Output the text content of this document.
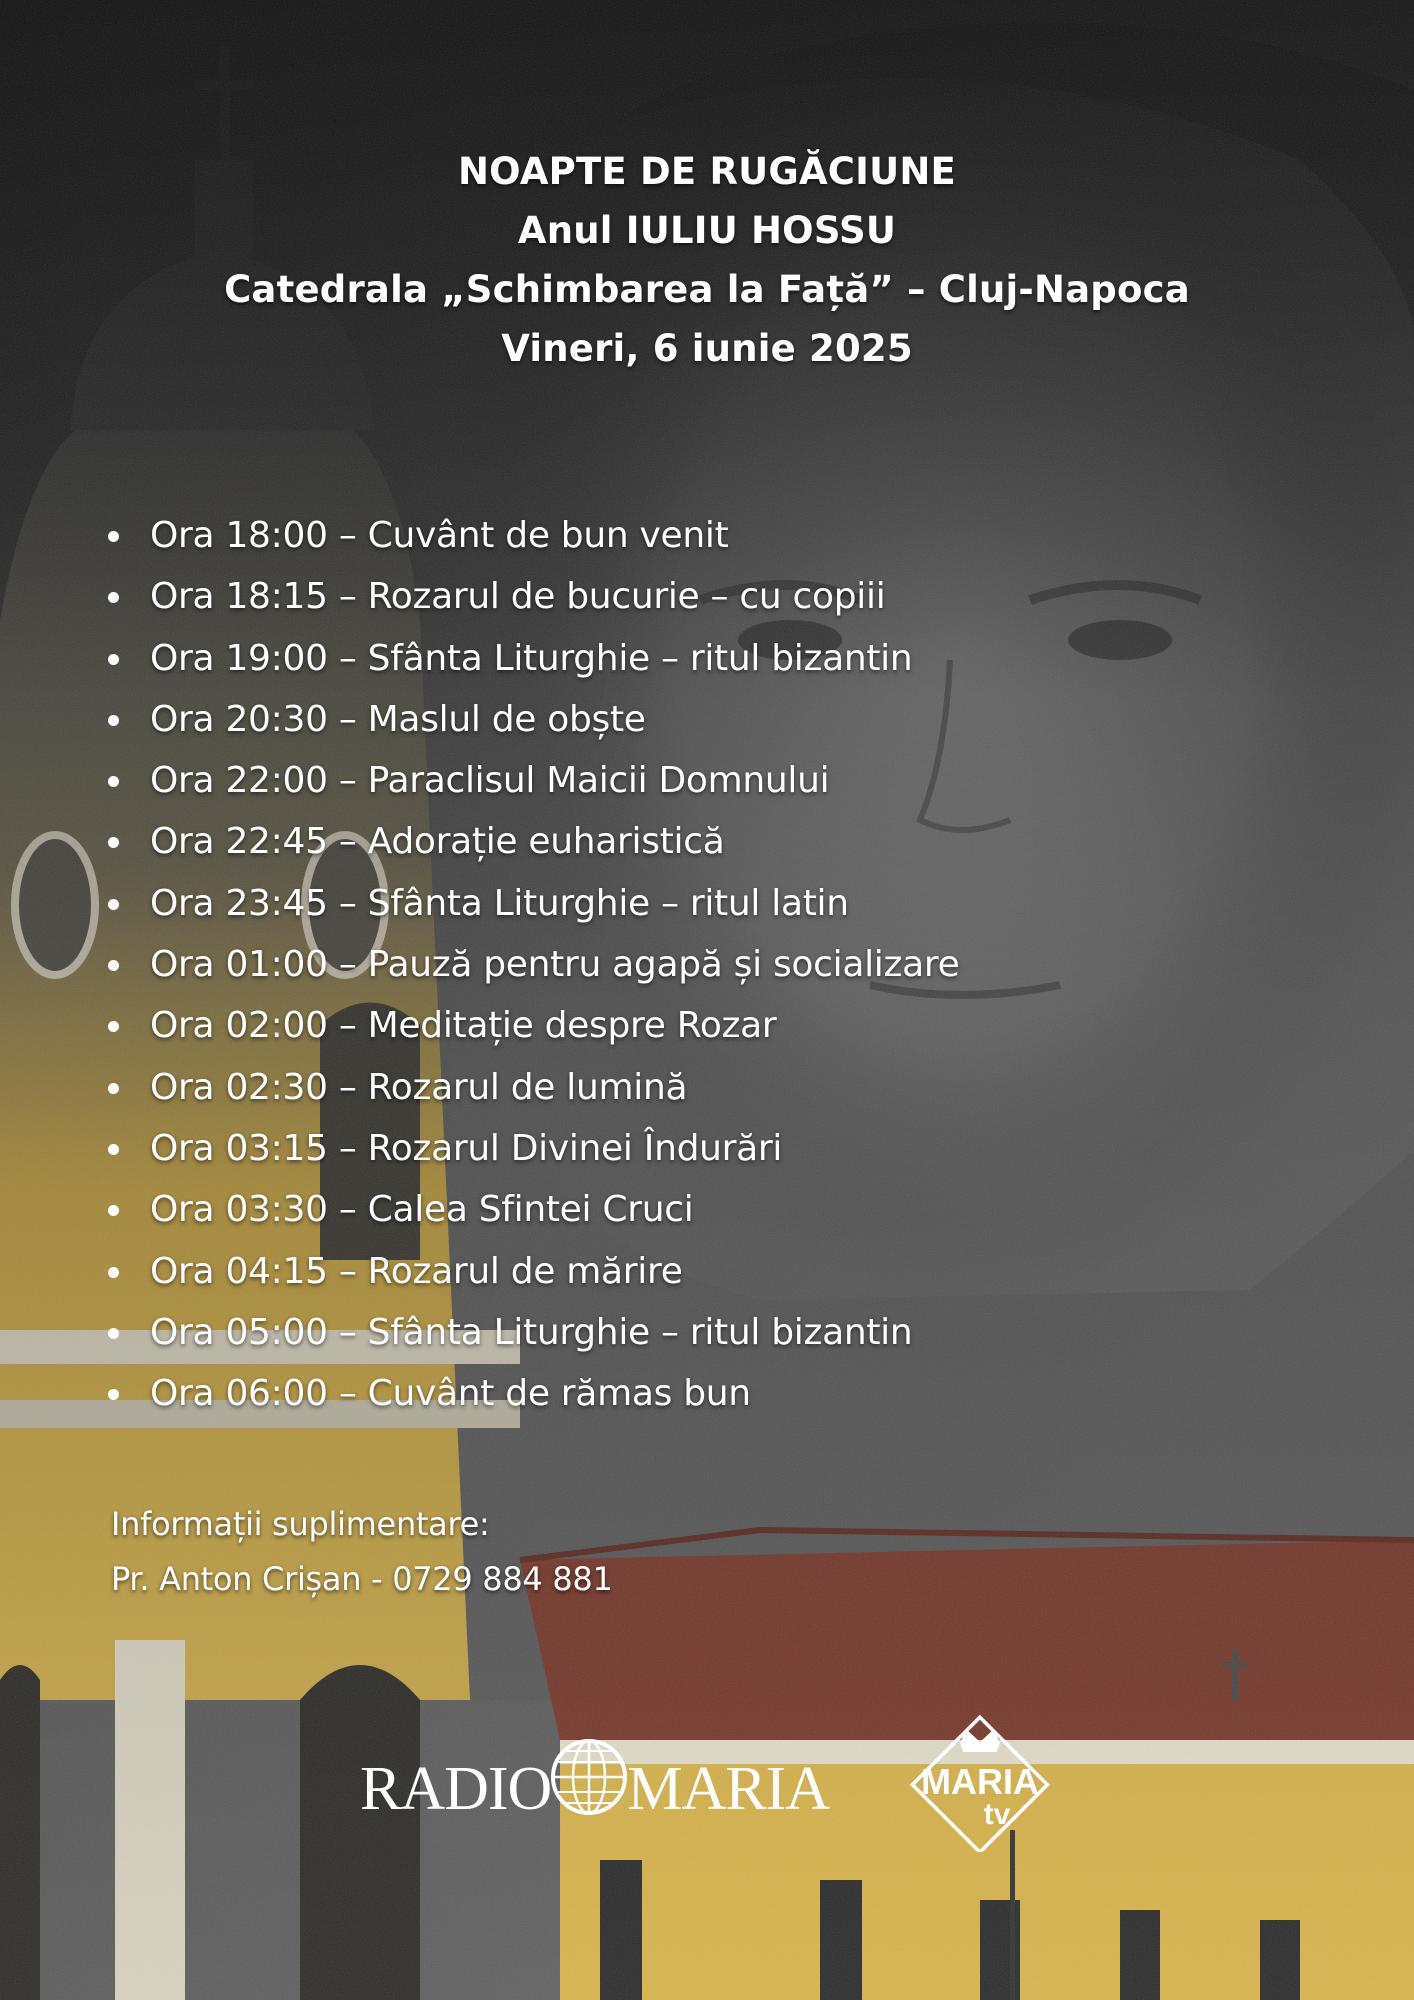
NOAPTE DE RUGĂCIUNE
Anul IULIU HOSSU
Catedrala „Schimbarea la Față” – Cluj-Napoca
Vineri, 6 iunie 2025
Ora 18:00 – Cuvânt de bun venit
Ora 18:15 – Rozarul de bucurie – cu copiii
Ora 19:00 – Sfânta Liturghie – ritul bizantin
Ora 20:30 – Maslul de obște
Ora 22:00 – Paraclisul Maicii Domnului
Ora 22:45 – Adorație euharistică
Ora 23:45 – Sfânta Liturghie – ritul latin
Ora 01:00 – Pauză pentru agapă și socializare
Ora 02:00 – Meditație despre Rozar
Ora 02:30 – Rozarul de lumină
Ora 03:15 – Rozarul Divinei Îndurări
Ora 03:30 – Calea Sfintei Cruci
Ora 04:15 – Rozarul de mărire
Ora 05:00 – Sfânta Liturghie – ritul bizantin
Ora 06:00 – Cuvânt de rămas bun
Informații suplimentare:
Pr. Anton Crișan - 0729 884 881
RADIO MARIA	MARIA
tv
